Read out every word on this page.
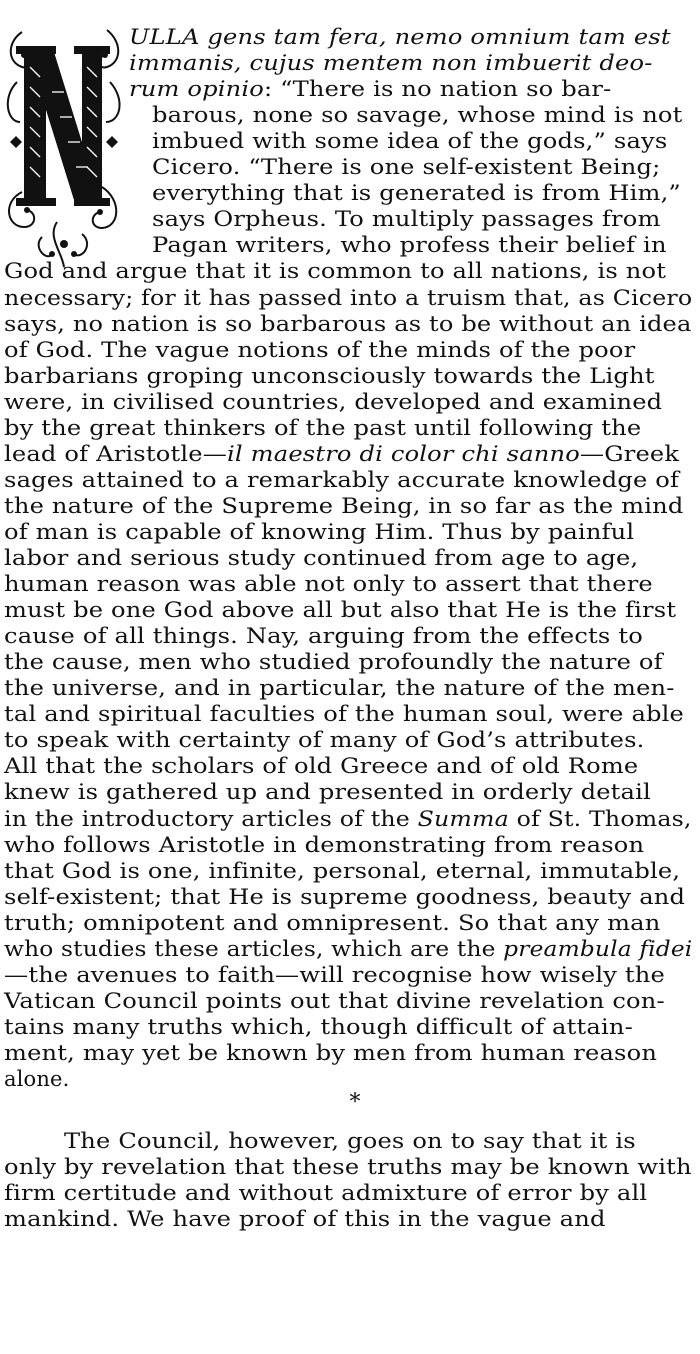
ULLA gens tam fera, nemo omnium tam est
immanis, cujus mentem non imbuerit deo-
rum opinio: “There is no nation so bar-
barous, none so savage, whose mind is not
imbued with some idea of the gods,” says
Cicero. “There is one self-existent Being;
everything that is generated is from Him,”
says Orpheus. To multiply passages from
Pagan writers, who profess their belief in
God and argue that it is common to all nations, is not
necessary; for it has passed into a truism that, as Cicero
says, no nation is so barbarous as to be without an idea
of God. The vague notions of the minds of the poor
barbarians groping unconsciously towards the Light
were, in civilised countries, developed and examined
by the great thinkers of the past until following the
lead of Aristotle—il maestro di color chi sanno—Greek
sages attained to a remarkably accurate knowledge of
the nature of the Supreme Being, in so far as the mind
of man is capable of knowing Him. Thus by painful
labor and serious study continued from age to age,
human reason was able not only to assert that there
must be one God above all but also that He is the first
cause of all things. Nay, arguing from the effects to
the cause, men who studied profoundly the nature of
the universe, and in particular, the nature of the men-
tal and spiritual faculties of the human soul, were able
to speak with certainty of many of God’s attributes.
All that the scholars of old Greece and of old Rome
knew is gathered up and presented in orderly detail
in the introductory articles of the Summa of St. Thomas,
who follows Aristotle in demonstrating from reason
that God is one, infinite, personal, eternal, immutable,
self-existent; that He is supreme goodness, beauty and
truth; omnipotent and omnipresent. So that any man
who studies these articles, which are the preambula fidei
—the avenues to faith—will recognise how wisely the
Vatican Council points out that divine revelation con-
tains many truths which, though difficult of attain-
ment, may yet be known by men from human reason
alone.
*
The Council, however, goes on to say that it is
only by revelation that these truths may be known with
firm certitude and without admixture of error by all
mankind. We have proof of this in the vague and
